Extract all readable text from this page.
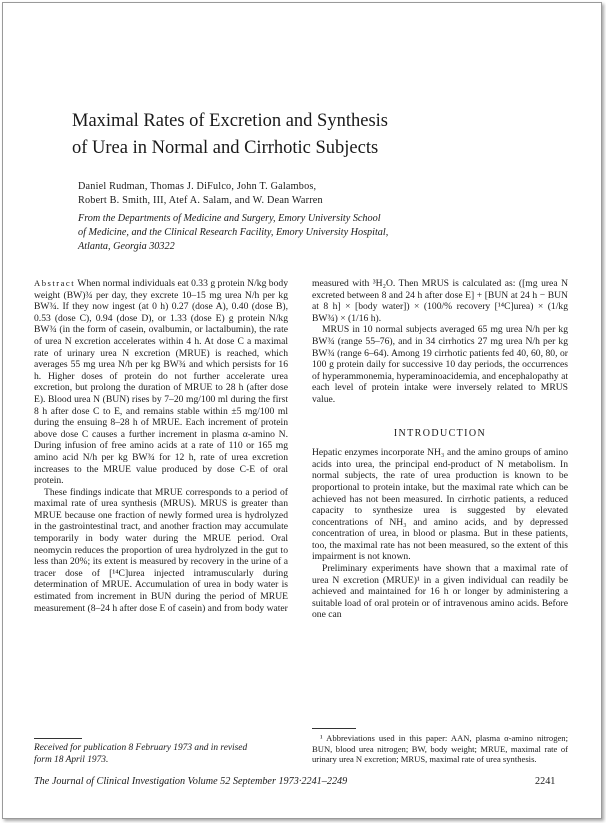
Maximal Rates of Excretion and Synthesis
of Urea in Normal and Cirrhotic Subjects
Daniel Rudman, Thomas J. DiFulco, John T. Galambos,
Robert B. Smith, III, Atef A. Salam, and W. Dean Warren
From the Departments of Medicine and Surgery, Emory University School
of Medicine, and the Clinical Research Facility, Emory University Hospital,
Atlanta, Georgia 30322

Abstract When normal individuals eat 0.33 g protein N/kg body weight (BW)¾ per day, they excrete 10–15 mg urea N/h per kg BW¾. If they now ingest (at 0 h) 0.27 (dose A), 0.40 (dose B), 0.53 (dose C), 0.94 (dose D), or 1.33 (dose E) g protein N/kg BW¾ (in the form of casein, ovalbumin, or lactalbumin), the rate of urea N excretion accelerates within 4 h. At dose C a maximal rate of urinary urea N excretion (MRUE) is reached, which averages 55 mg urea N/h per kg BW¾ and which persists for 16 h. Higher doses of protein do not further accelerate urea excretion, but prolong the duration of MRUE to 28 h (after dose E). Blood urea N (BUN) rises by 7–20 mg/100 ml during the first 8 h after dose C to E, and remains stable within ±5 mg/100 ml during the ensuing 8–28 h of MRUE. Each increment of protein above dose C causes a further increment in plasma α-amino N. During infusion of free amino acids at a rate of 110 or 165 mg amino acid N/h per kg BW¾ for 12 h, rate of urea excretion increases to the MRUE value produced by dose C-E of oral protein.

These findings indicate that MRUE corresponds to a period of maximal rate of urea synthesis (MRUS). MRUS is greater than MRUE because one fraction of newly formed urea is hydrolyzed in the gastrointestinal tract, and another fraction may accumulate temporarily in body water during the MRUE period. Oral neomycin reduces the proportion of urea hydrolyzed in the gut to less than 20%; its extent is measured by recovery in the urine of a tracer dose of [¹⁴C]urea injected intramuscularly during determination of MRUE. Accumulation of urea in body water is estimated from increment in BUN during the period of MRUE measurement (8–24 h after dose E of casein) and from body water

measured with ³H₂O. Then MRUS is calculated as: ([mg urea N excreted between 8 and 24 h after dose E] + [BUN at 24 h − BUN at 8 h] × [body water]) × (100/% recovery [¹⁴C]urea) × (1/kg BW¾) × (1/16 h).

MRUS in 10 normal subjects averaged 65 mg urea N/h per kg BW¾ (range 55–76), and in 34 cirrhotics 27 mg urea N/h per kg BW¾ (range 6–64). Among 19 cirrhotic patients fed 40, 60, 80, or 100 g protein daily for successive 10 day periods, the occurrences of hyperammonemia, hyperaminoacidemia, and encephalopathy at each level of protein intake were inversely related to MRUS value.

INTRODUCTION

Hepatic enzymes incorporate NH₃ and the amino groups of amino acids into urea, the principal end-product of N metabolism. In normal subjects, the rate of urea production is known to be proportional to protein intake, but the maximal rate which can be achieved has not been measured. In cirrhotic patients, a reduced capacity to synthesize urea is suggested by elevated concentrations of NH₃ and amino acids, and by depressed concentration of urea, in blood or plasma. But in these patients, too, the maximal rate has not been measured, so the extent of this impairment is not known.

Preliminary experiments have shown that a maximal rate of urea N excretion (MRUE)¹ in a given individual can readily be achieved and maintained for 16 h or longer by administering a suitable load of oral protein or of intravenous amino acids. Before one can

Received for publication 8 February 1973 and in revised
form 18 April 1973.

¹ Abbreviations used in this paper: AAN, plasma α-amino nitrogen; BUN, blood urea nitrogen; BW, body weight; MRUE, maximal rate of urinary urea N excretion; MRUS, maximal rate of urea synthesis.

The Journal of Clinical Investigation Volume 52 September 1973·2241–2249	2241
